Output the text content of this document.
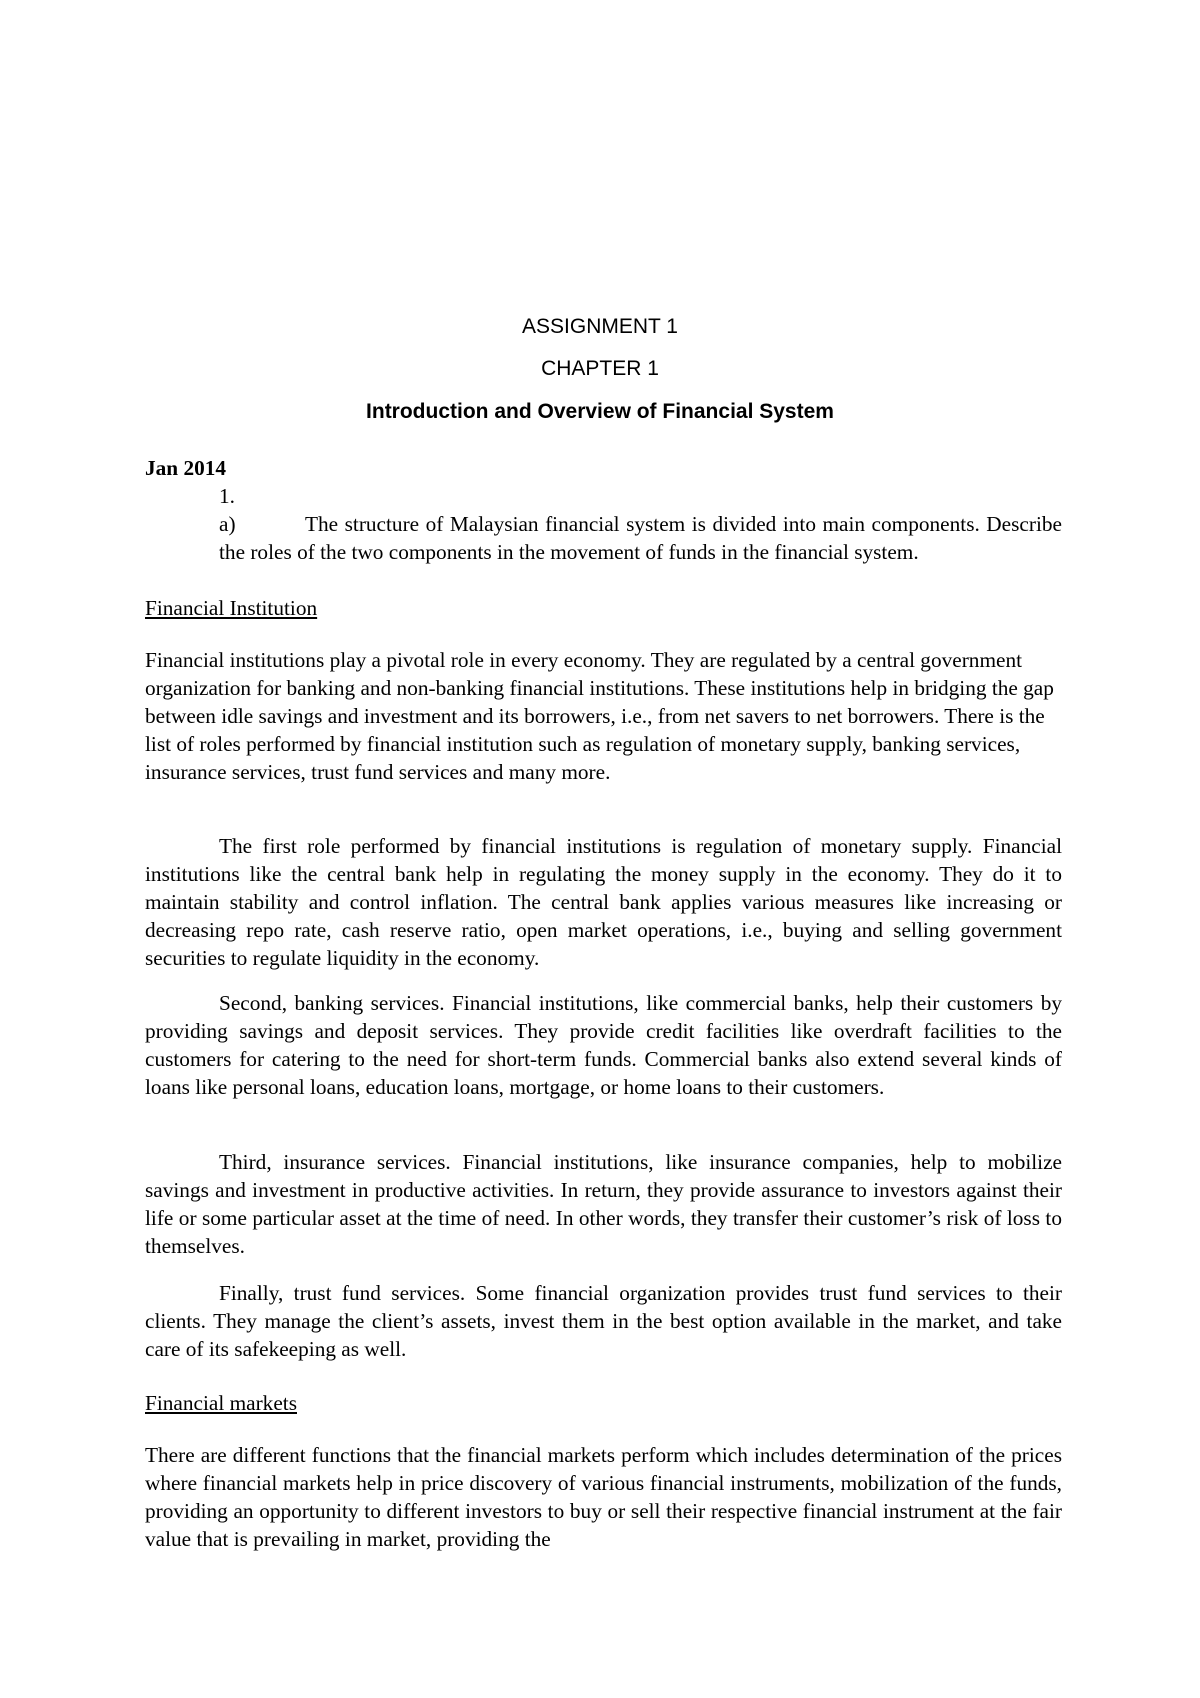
ASSIGNMENT 1
CHAPTER 1
Introduction and Overview of Financial System
Jan 2014
1.
a)	The structure of Malaysian financial system is divided into main components. Describe the roles of the two components in the movement of funds in the financial system.
Financial Institution
Financial institutions play a pivotal role in every economy. They are regulated by a central government organization for banking and non-banking financial institutions. These institutions help in bridging the gap between idle savings and investment and its borrowers, i.e., from net savers to net borrowers. There is the list of roles performed by financial institution such as regulation of monetary supply, banking services, insurance services, trust fund services and many more.
The first role performed by financial institutions is regulation of monetary supply. Financial institutions like the central bank help in regulating the money supply in the economy. They do it to maintain stability and control inflation. The central bank applies various measures like increasing or decreasing repo rate, cash reserve ratio, open market operations, i.e., buying and selling government securities to regulate liquidity in the economy.
Second, banking services. Financial institutions, like commercial banks, help their customers by providing savings and deposit services. They provide credit facilities like overdraft facilities to the customers for catering to the need for short-term funds. Commercial banks also extend several kinds of loans like personal loans, education loans, mortgage, or home loans to their customers.
Third, insurance services. Financial institutions, like insurance companies, help to mobilize savings and investment in productive activities. In return, they provide assurance to investors against their life or some particular asset at the time of need. In other words, they transfer their customer’s risk of loss to themselves.
Finally, trust fund services. Some financial organization provides trust fund services to their clients. They manage the client’s assets, invest them in the best option available in the market, and take care of its safekeeping as well.
Financial markets
There are different functions that the financial markets perform which includes determination of the prices where financial markets help in price discovery of various financial instruments, mobilization of the funds, providing an opportunity to different investors to buy or sell their respective financial instrument at the fair value that is prevailing in market, providing the
